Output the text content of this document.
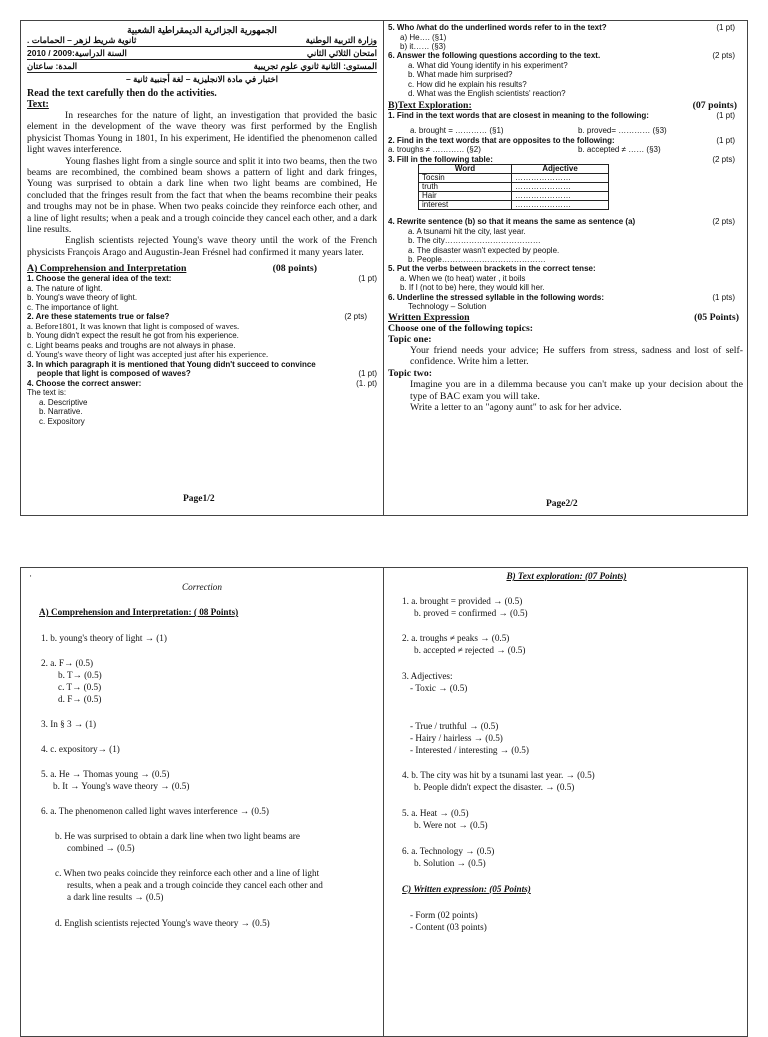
الجمهورية الجزائرية الديمقراطية الشعبية
وزارة التربية الوطنية
ثانوية شريط لزهر – الحمامات .
امتحان الثلاثي الثاني
السنة الدراسية:2009 / 2010
المستوى: الثانية ثانوي علوم تجريبية
المدة: ساعتان
اختبار في مادة الانجليزية – لغة أجنبية ثانية –
Read the text carefully then do the activities.
Text:

In researches for the nature of light, an investigation that provided the basic element in the development of the wave theory was first performed by the English physicist Thomas Young in 1801, In his experiment, He identified the phenomenon called light waves interference.

Young flashes light from a single source and split it into two beams, then the two beams are recombined, the combined beam shows a pattern of light and dark fringes, Young was surprised to obtain a dark line when two light beams are combined, He concluded that the fringes result from the fact that when the beams recombine their peaks and troughs may not be in phase. When two peaks coincide they reinforce each other, and a line of light results; when a peak and a trough coincide they cancel each other, and a dark line results.

English scientists rejected Young's wave theory until the work of the French physicists François Arago and Augustin-Jean Frésnel had confirmed it many years later.

A) Comprehension and Interpretation	(08 points)
1. Choose the general idea of the text:	(1 pt)
a. The nature of light.
b. Young's wave theory of light.
c. The importance of light.
2. Are these statements true or false?	(2 pts)
a. Before1801, It was known that light is composed of waves.
b. Young didn't expect the result he got from his experience.
c. Light beams peaks and troughs are not always in phase.
d. Young's wave theory of light was accepted just after his experience.
3. In which paragraph it is mentioned that Young didn't succeed to convince
people that light is composed of waves?	(1 pt)
4. Choose the correct answer:	(1. pt)
The text is:
a. Descriptive
b. Narrative.
c. Expository
Page1/2
5. Who /what do the underlined words refer to in the text?	(1 pt)
a) He…. (§1)
b) it…… (§3)
6. Answer the following questions according to the text.	(2 pts)
a. What did Young identify in his experiment?
b. What made him surprised?
c. How did he explain his results?
d. What was the English scientists' reaction?
B)Text Exploration:	(07 points)
1. Find in the text words that are closest in meaning to the following:	(1 pt)
a. brought = ………… (§1)	b. proved= ………… (§3)
2. Find in the text words that are opposites to the following:	(1 pt)
a. troughs ≠ ………… (§2)	b. accepted ≠ …… (§3)
3. Fill in the following table:	(2 pts)
Word	Adjective
Tocsin	…………………
truth	…………………
Hair	…………………
interest	…………………
4. Rewrite sentence (b) so that it means the same as sentence (a)	(2 pts)
a. A tsunami hit the city, last year.
b. The city………………………………
a. The disaster wasn't expected by people.
b. People…………………………………
5. Put the verbs between brackets in the correct tense:
a. When we (to heat) water , it boils
b. If I (not to be) here, they would kill her.
6. Underline the stressed syllable in the following words:	(1 pts)
Technology – Solution
Written Expression	(05 Points)
Choose one of the following topics:
Topic one:

Your friend needs your advice; He suffers from stress, sadness and lost of self-confidence. Write him a letter.

Topic two:

Imagine you are in a dilemma because you can't make up your decision about the type of BAC exam you will take.

Write a letter to an "agony aunt" to ask for her advice.

Page2/2
·
Correction
A) Comprehension and Interpretation: ( 08 Points)
1. b. young's theory of light → (1)
2. a. F→ (0.5)
b. T→ (0.5)
c. T→ (0.5)
d. F→ (0.5)
3. In § 3 → (1)
4. c. expository→ (1)
5. a. He → Thomas young → (0.5)
b. It → Young's wave theory → (0.5)
6. a. The phenomenon called light waves interference → (0.5)
b. He was surprised to obtain a dark line when two light beams are
combined → (0.5)
c. When two peaks coincide they reinforce each other and a line of light
results, when a peak and a trough coincide they cancel each other and
a dark line results → (0.5)
d. English scientists rejected Young's wave theory → (0.5)
B) Text exploration: (07 Points)
1. a. brought = provided → (0.5)
b. proved = confirmed → (0.5)
2. a. troughs ≠ peaks → (0.5)
b. accepted ≠ rejected → (0.5)
3. Adjectives:
- Toxic → (0.5)
- True / truthful → (0.5)
- Hairy / hairless → (0.5)
- Interested / interesting → (0.5)
4. b. The city was hit by a tsunami last year. → (0.5)
b. People didn't expect the disaster. → (0.5)
5. a. Heat → (0.5)
b. Were not → (0.5)
6. a. Technology → (0.5)
b. Solution → (0.5)
C) Written expression: (05 Points)
- Form (02 points)
- Content (03 points)
